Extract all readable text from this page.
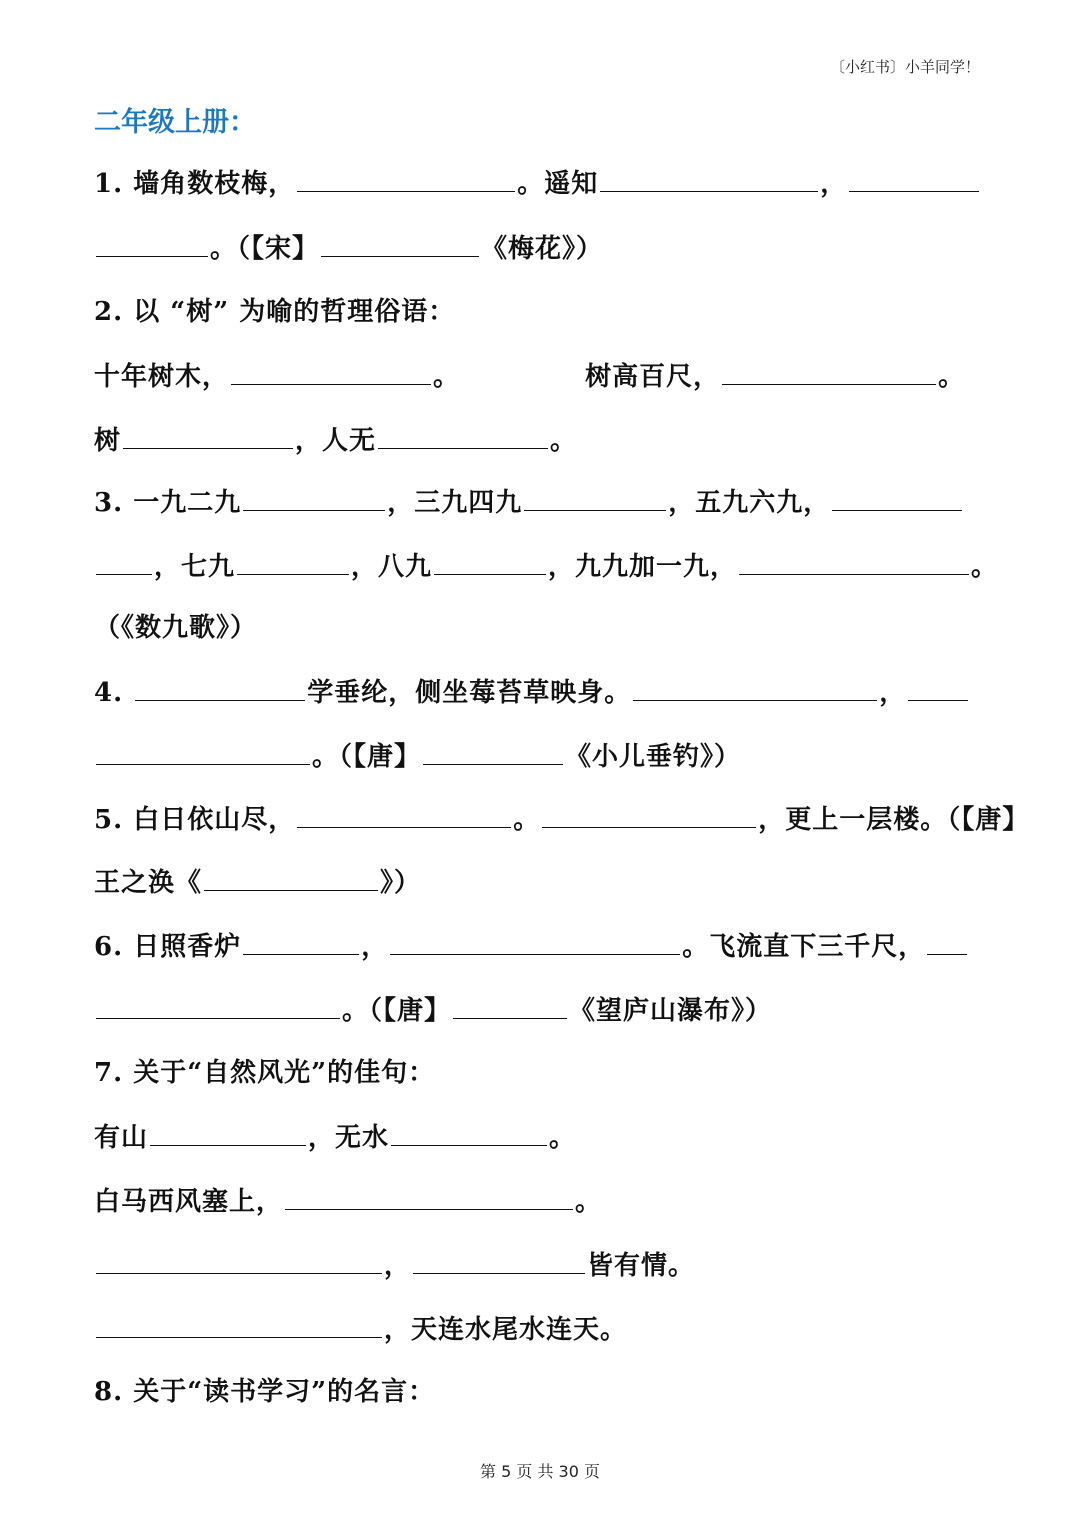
〔小红书〕小羊同学！
二年级上册：
1. 墙角数枝梅，	。遥知	，
。（【宋】	《梅花》）
2. 以 “树” 为喻的哲理俗语：
十年树木，	。	树高百尺，	。
树	，人无	。
3. 一九二九	，三九四九	，五九六九，
，七九	，八九	，九九加一九，	。
（《数九歌》）
4.	学垂纶，侧坐莓苔草映身。	，
。（【唐】	《小儿垂钓》）
5. 白日依山尽，	。	，更上一层楼。（【唐】
王之涣《	》）
6. 日照香炉	，	。飞流直下三千尺，
。（【唐】	《望庐山瀑布》）
7. 关于“自然风光”的佳句：
有山	，无水	。
白马西风塞上，	。
，	皆有情。
，天连水尾水连天。
8. 关于“读书学习”的名言：
第 5 页 共 30 页
